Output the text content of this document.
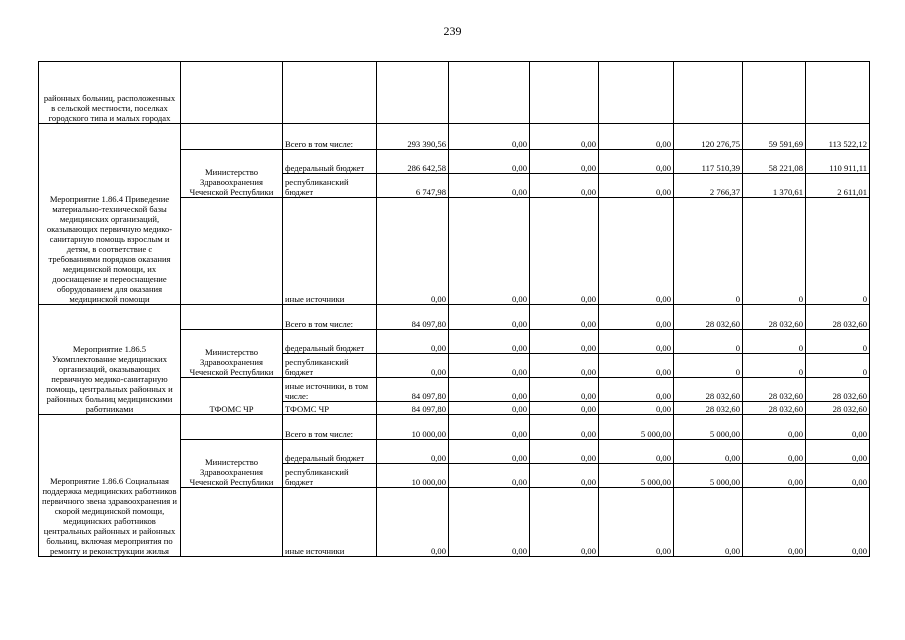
239
районных больниц, расположенных в сельской местности, поселках городского типа и малых городах									
Мероприятие 1.86.4 Приведение материально-технической базы медицинских организаций, оказывающих первичную медико-санитарную помощь взрослым и детям, в соответствие с требованиями порядков оказания медицинской помощи, их дооснащение и переоснащение оборудованием для оказания медицинской помощи		Всего в том числе:	293 390,56	0,00	0,00	0,00	120 276,75	59 591,69	113 522,12
	Министерство Здравоохранения Чеченской Республики	федеральный бюджет	286 642,58	0,00	0,00	0,00	117 510,39	58 221,08	110 911,11
		республиканский бюджет	6 747,98	0,00	0,00	0,00	2 766,37	1 370,61	2 611,01
		иные источники	0,00	0,00	0,00	0,00	0	0	0
Мероприятие 1.86.5 Укомплектование медицинских организаций, оказывающих первичную медико-санитарную помощь, центральных районных и районных больниц медицинскими работниками		Всего в том числе:	84 097,80	0,00	0,00	0,00	28 032,60	28 032,60	28 032,60
	Министерство Здравоохранения Чеченской Республики	федеральный бюджет	0,00	0,00	0,00	0,00	0	0	0
		республиканский бюджет	0,00	0,00	0,00	0,00	0	0	0
	ТФОМС ЧР	иные источники, в том числе:	84 097,80	0,00	0,00	0,00	28 032,60	28 032,60	28 032,60
		ТФОМС ЧР	84 097,80	0,00	0,00	0,00	28 032,60	28 032,60	28 032,60
Мероприятие 1.86.6 Социальная поддержка медицинских работников первичного звена здравоохранения и скорой медицинской помощи, медицинских работников центральных районных и районных больниц, включая мероприятия по ремонту и реконструкции жилья		Всего в том числе:	10 000,00	0,00	0,00	5 000,00	5 000,00	0,00	0,00
	Министерство Здравоохранения Чеченской Республики	федеральный бюджет	0,00	0,00	0,00	0,00	0,00	0,00	0,00
		республиканский бюджет	10 000,00	0,00	0,00	5 000,00	5 000,00	0,00	0,00
		иные источники	0,00	0,00	0,00	0,00	0,00	0,00	0,00
